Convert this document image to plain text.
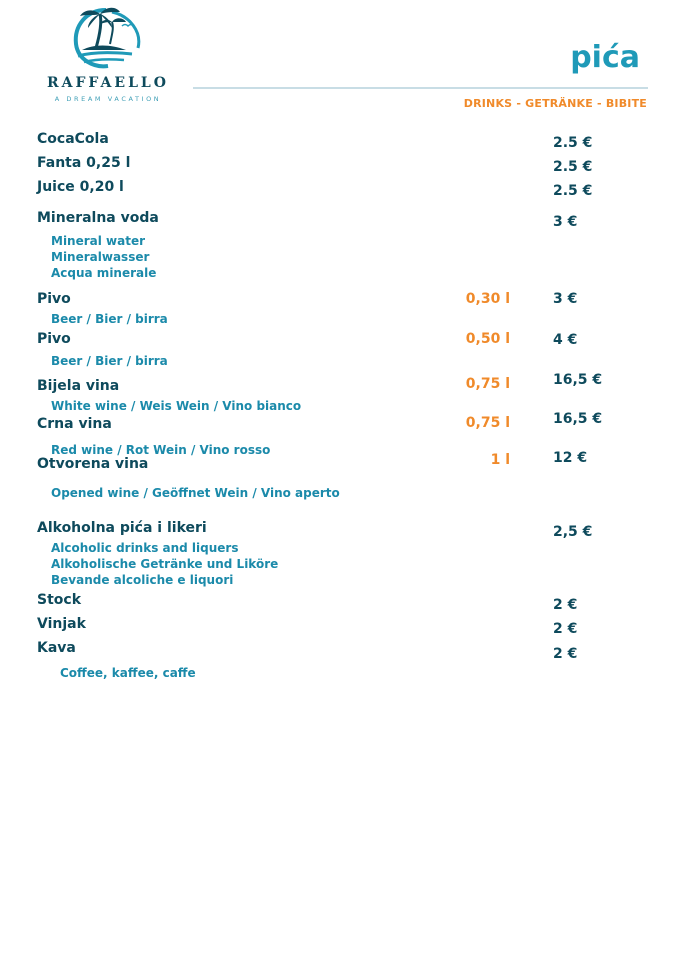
RAFFAELLO
A DREAM VACATION
pića
DRINKS - GETRÄNKE - BIBITE
CocaCola	2.5 €
Fanta 0,25 l	2.5 €
Juice 0,20 l	2.5 €
Mineralna voda	3 €
Mineral water
Mineralwasser
Acqua minerale
Pivo	0,30 l	3 €
Beer / Bier / birra
Pivo	0,50 l	4 €
Beer / Bier / birra
Bijela vina	0,75 l	16,5 €
White wine / Weis Wein / Vino bianco
Crna vina	0,75 l	16,5 €
Red wine / Rot Wein / Vino rosso
Otvorena vina	1 l	12 €
Opened wine / Geöffnet Wein / Vino aperto
Alkoholna pića i likeri	2,5 €
Alcoholic drinks and liquers
Alkoholische Getränke und Liköre
Bevande alcoliche e liquori
Stock	2 €
Vinjak	2 €
Kava	2 €
Coffee, kaffee, caffe
